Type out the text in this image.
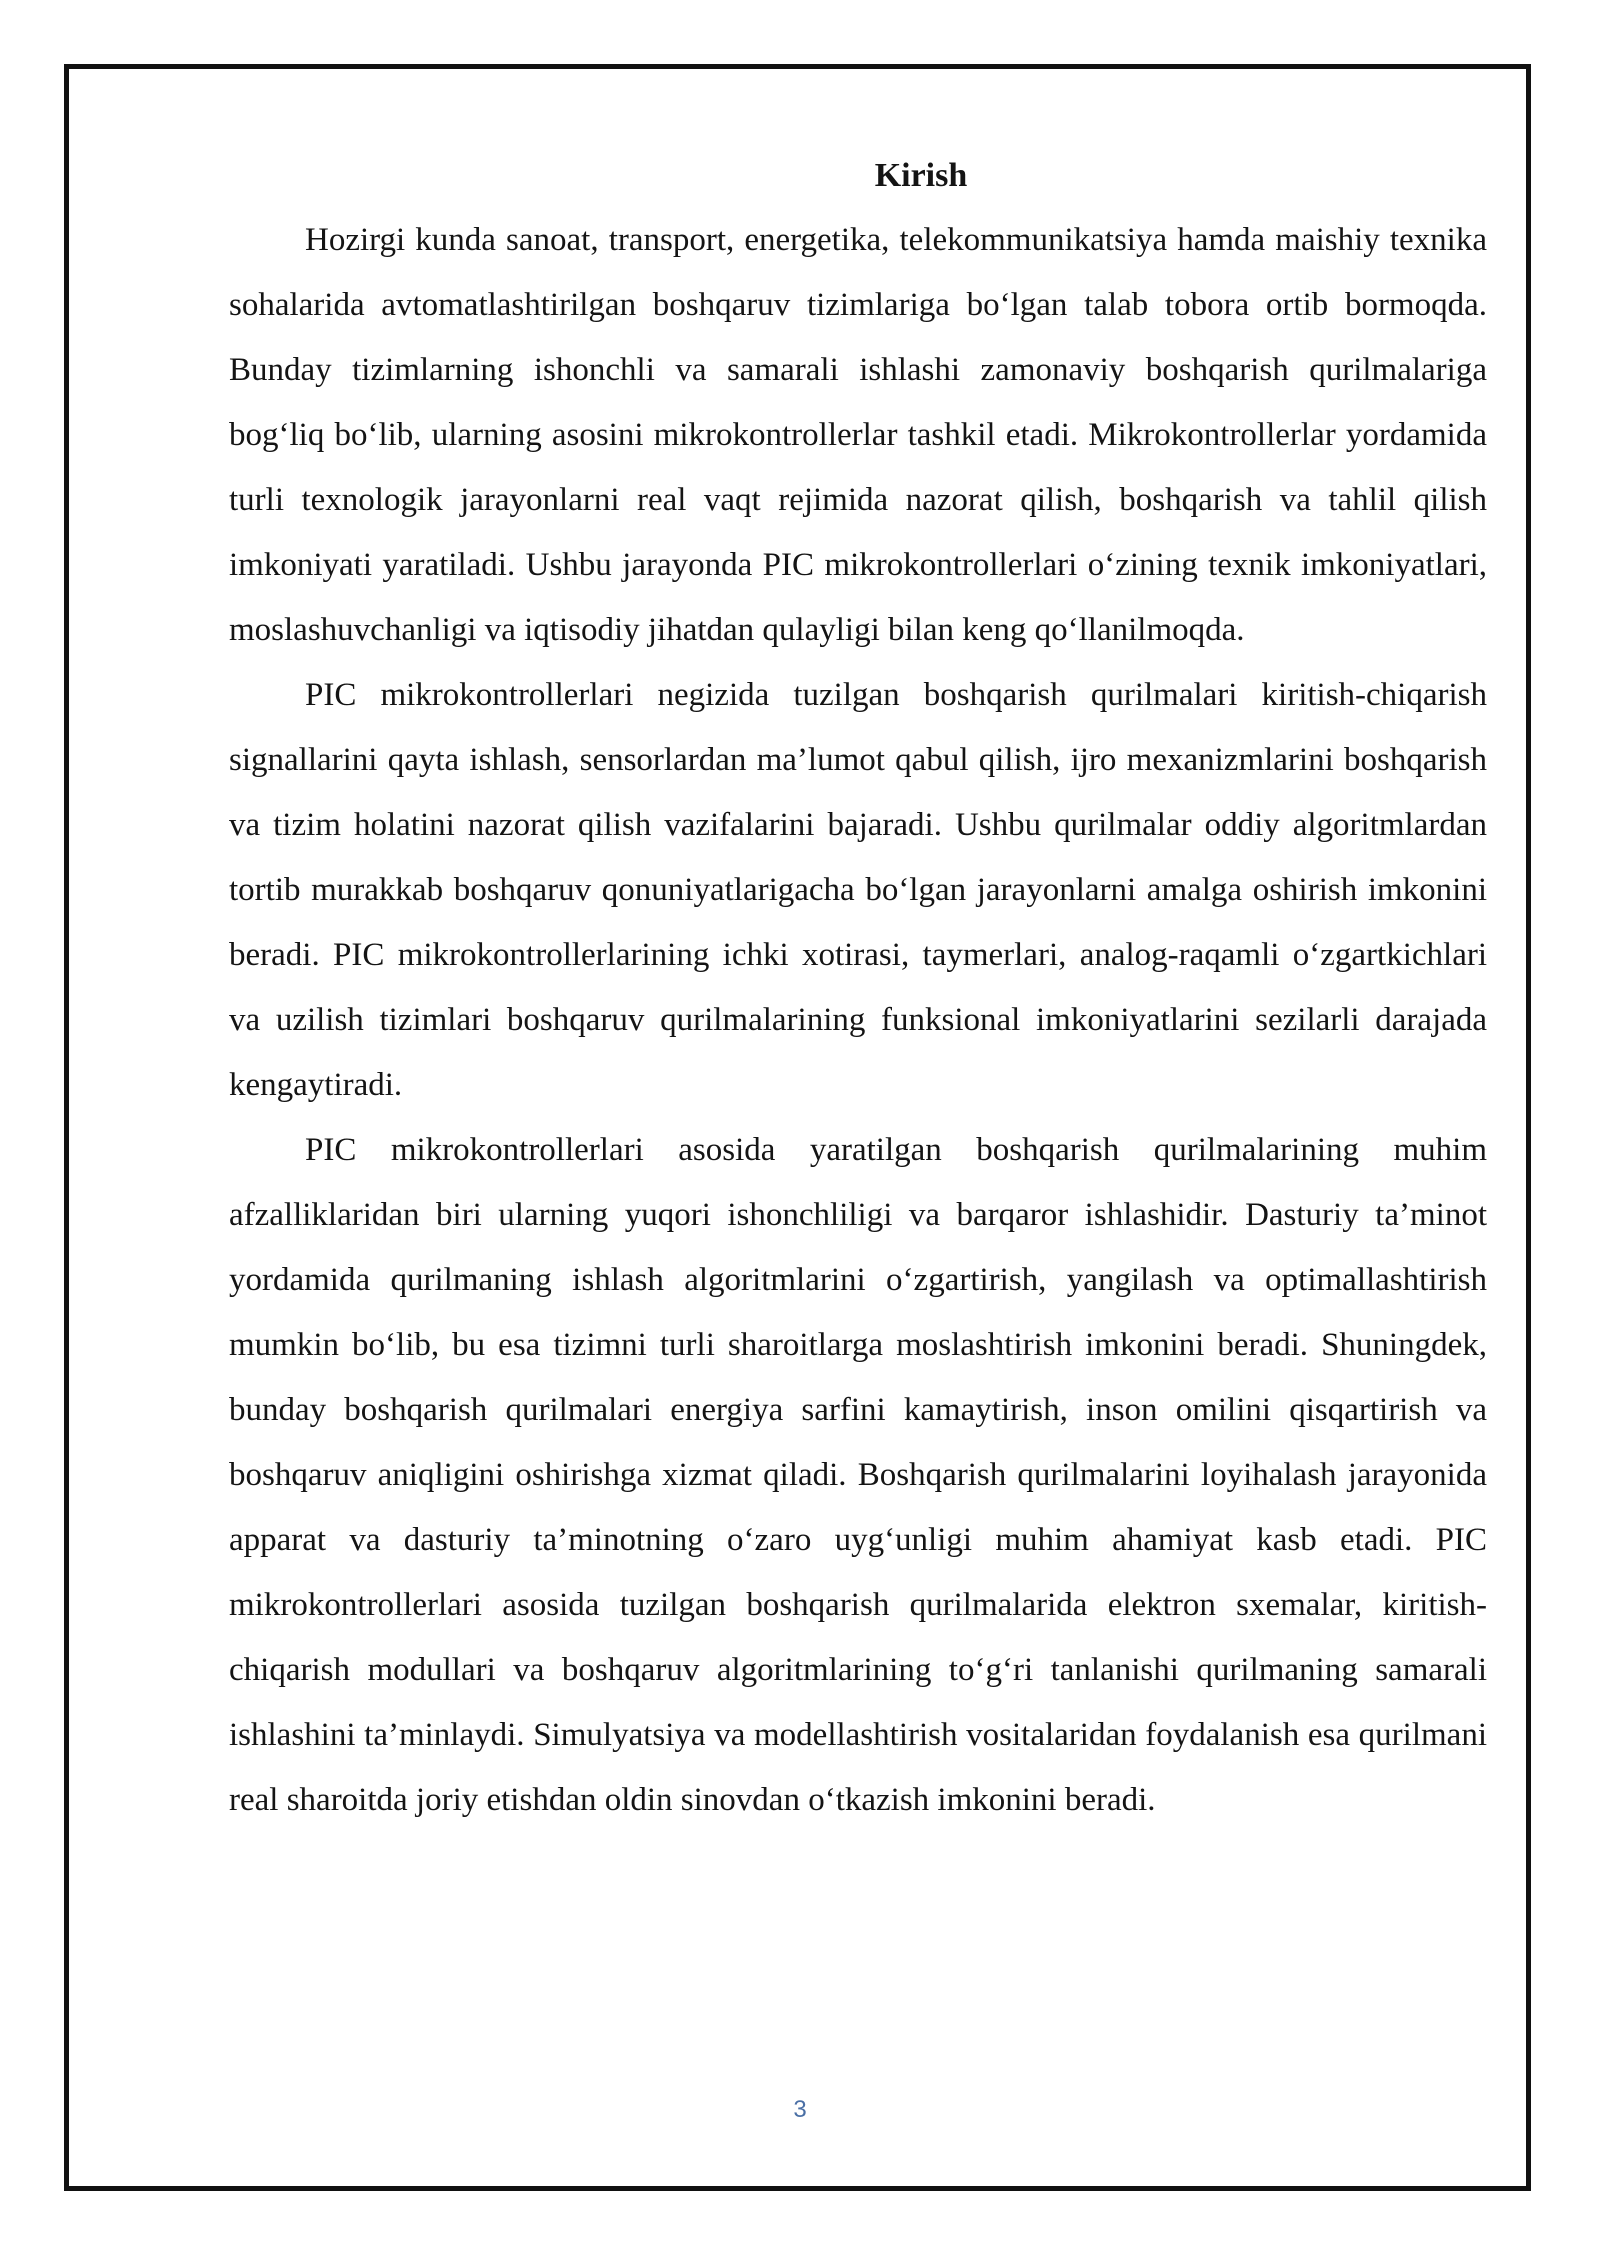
Kirish

Hozirgi kunda sanoat, transport, energetika, telekommunikatsiya hamda maishiy texnika sohalarida avtomatlashtirilgan boshqaruv tizimlariga bo‘lgan talab tobora ortib bormoqda. Bunday tizimlarning ishonchli va samarali ishlashi zamonaviy boshqarish qurilmalariga bog‘liq bo‘lib, ularning asosini mikrokontrollerlar tashkil etadi. Mikrokontrollerlar yordamida turli texnologik jarayonlarni real vaqt rejimida nazorat qilish, boshqarish va tahlil qilish imkoniyati yaratiladi. Ushbu jarayonda PIC mikrokontrollerlari o‘zining texnik imkoniyatlari, moslashuvchanligi va iqtisodiy jihatdan qulayligi bilan keng qo‘llanilmoqda.

PIC mikrokontrollerlari negizida tuzilgan boshqarish qurilmalari kiritish-chiqarish signallarini qayta ishlash, sensorlardan ma’lumot qabul qilish, ijro mexanizmlarini boshqarish va tizim holatini nazorat qilish vazifalarini bajaradi. Ushbu qurilmalar oddiy algoritmlardan tortib murakkab boshqaruv qonuniyatlarigacha bo‘lgan jarayonlarni amalga oshirish imkonini beradi. PIC mikrokontrollerlarining ichki xotirasi, taymerlari, analog-raqamli o‘zgartkichlari va uzilish tizimlari boshqaruv qurilmalarining funksional imkoniyatlarini sezilarli darajada kengaytiradi.

PIC mikrokontrollerlari asosida yaratilgan boshqarish qurilmalarining muhim afzalliklaridan biri ularning yuqori ishonchliligi va barqaror ishlashidir. Dasturiy ta’minot yordamida qurilmaning ishlash algoritmlarini o‘zgartirish, yangilash va optimallashtirish mumkin bo‘lib, bu esa tizimni turli sharoitlarga moslashtirish imkonini beradi. Shuningdek, bunday boshqarish qurilmalari energiya sarfini kamaytirish, inson omilini qisqartirish va boshqaruv aniqligini oshirishga xizmat qiladi. Boshqarish qurilmalarini loyihalash jarayonida apparat va dasturiy ta’minotning o‘zaro uyg‘unligi muhim ahamiyat kasb etadi. PIC mikrokontrollerlari asosida tuzilgan boshqarish qurilmalarida elektron sxemalar, kiritish-chiqarish modullari va boshqaruv algoritmlarining to‘g‘ri tanlanishi qurilmaning samarali ishlashini ta’minlaydi. Simulyatsiya va modellashtirish vositalaridan foydalanish esa qurilmani real sharoitda joriy etishdan oldin sinovdan o‘tkazish imkonini beradi.

3
